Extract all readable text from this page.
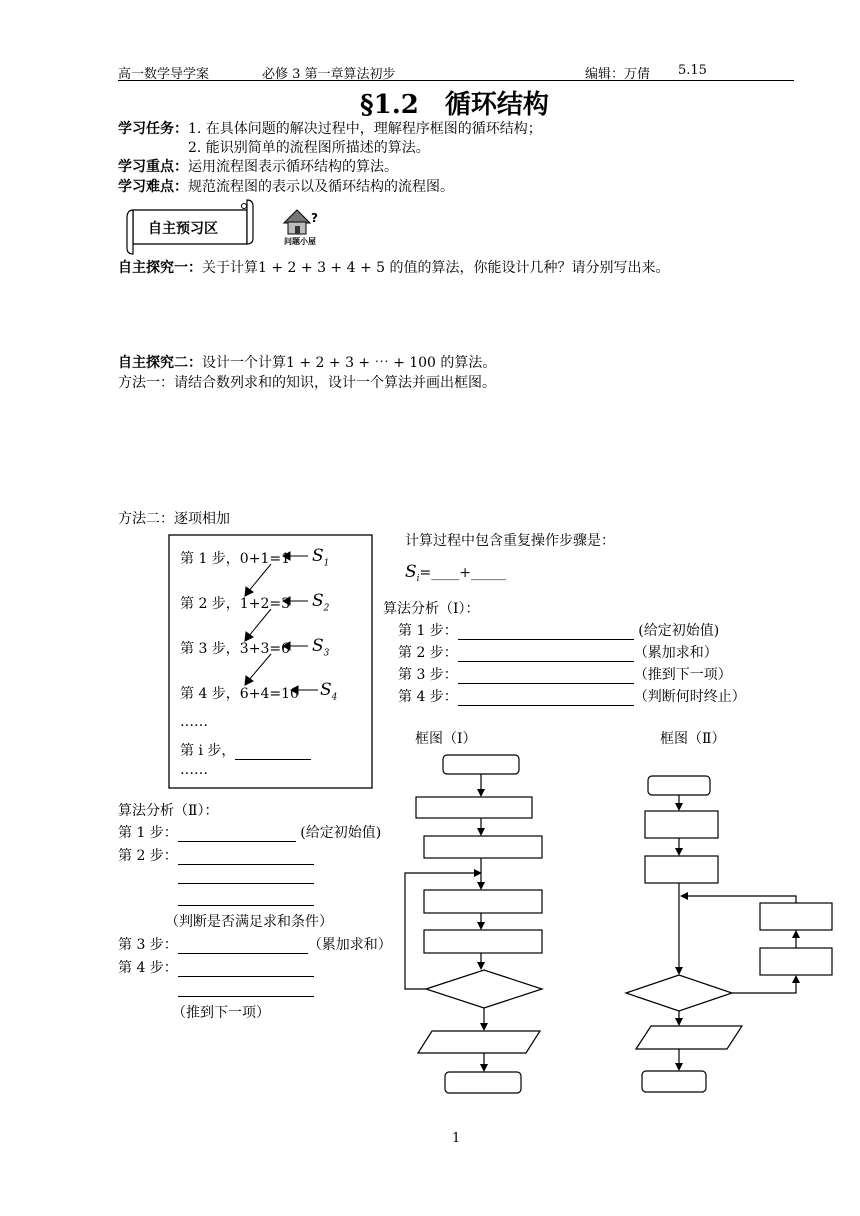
高一数学导学案	必修 3 第一章算法初步	编辑：万倩 5.15
§1.2　循环结构
学习任务：1. 在具体问题的解决过程中，理解程序框图的循环结构；
2. 能识别简单的流程图所描述的算法。
学习重点：运用流程图表示循环结构的算法。
学习难点：规范流程图的表示以及循环结构的流程图。
?
自主预习区
问题小屋
自主探究一：关于计算1 + 2 + 3 + 4 + 5 的值的算法，你能设计几种？请分别写出来。
自主探究二：设计一个计算1 + 2 + 3 + ⋯ + 100 的算法。
方法一：请结合数列求和的知识，设计一个算法并画出框图。
方法二：逐项相加
第 1 步，0+1=1
第 2 步，1+2=3
第 3 步，3+3=6
第 4 步，6+4=10
$S_1$
$S_2$
$S_3$
$S_4$
……
第 i 步，
……
计算过程中包含重复操作步骤是：
$S_i=\_\_\_\_+\_\_\_\_\_$
算法分析（Ⅰ）：
第 1 步：	(给定初始值)
第 2 步：	（累加求和）
第 3 步：	（推到下一项）
第 4 步：	（判断何时终止）
框图（Ⅰ）	框图（Ⅱ）
算法分析（Ⅱ）：
第 1 步：	(给定初始值)
第 2 步：
（判断是否满足求和条件）
第 3 步：	（累加求和）
第 4 步：
（推到下一项）
1
